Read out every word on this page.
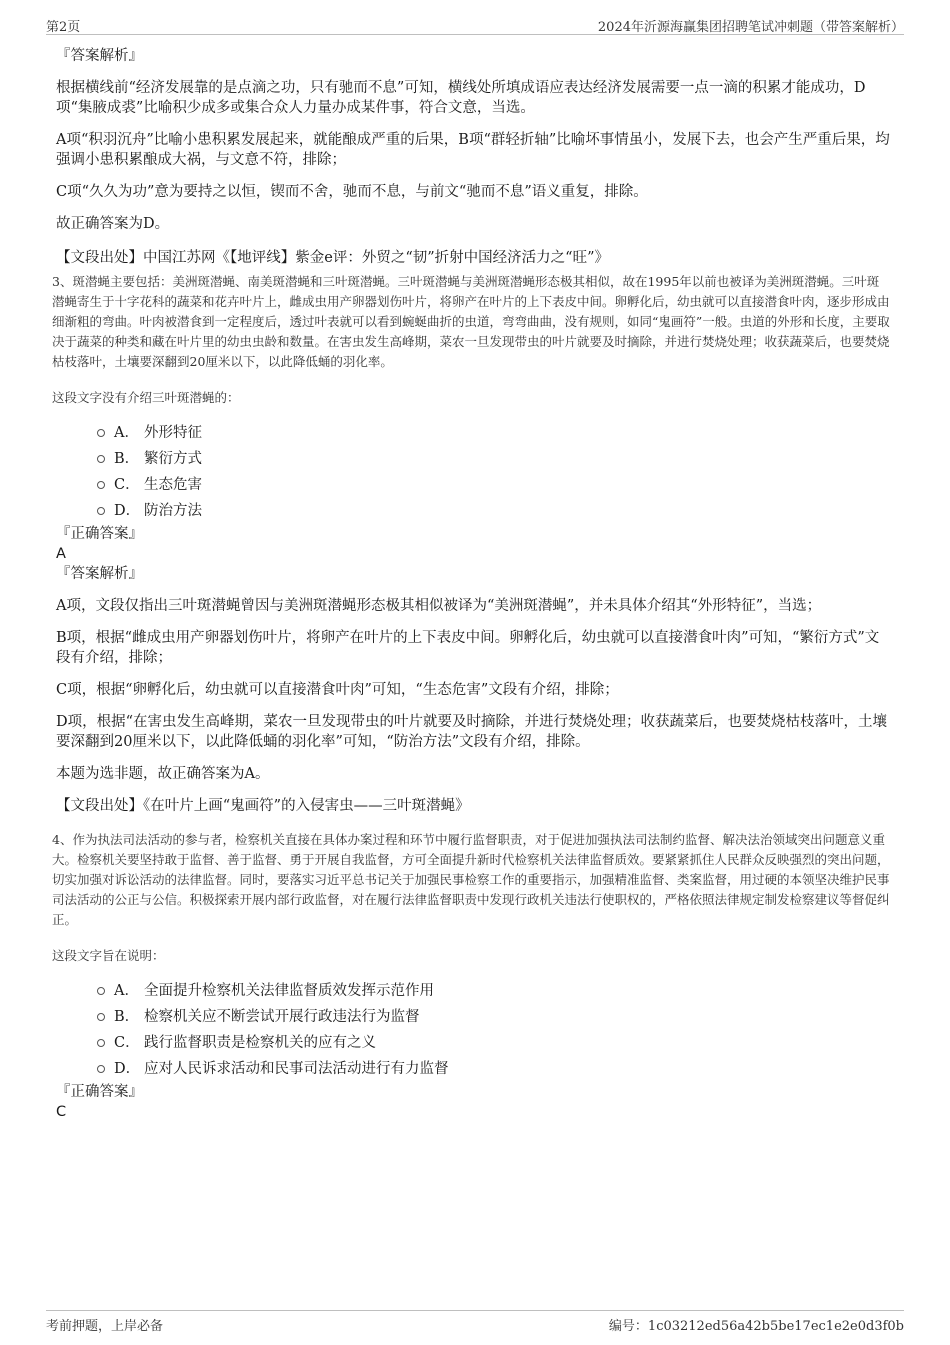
第2页	2024年沂源海赢集团招聘笔试冲刺题（带答案解析）

『答案解析』

根据横线前“经济发展靠的是点滴之功，只有驰而不息”可知，横线处所填成语应表达经济发展需要一点一滴的积累才能成功，D项“集腋成裘”比喻积少成多或集合众人力量办成某件事，符合文意，当选。

A项“积羽沉舟”比喻小患积累发展起来，就能酿成严重的后果，B项“群轻折轴”比喻坏事情虽小，发展下去，也会产生严重后果，均强调小患积累酿成大祸，与文意不符，排除；

C项“久久为功”意为要持之以恒，锲而不舍，驰而不息，与前文“驰而不息”语义重复，排除。

故正确答案为D。

【文段出处】中国江苏网《【地评线】紫金e评：外贸之“韧”折射中国经济活力之“旺”》

3、斑潜蝇主要包括：美洲斑潜蝇、南美斑潜蝇和三叶斑潜蝇。三叶斑潜蝇与美洲斑潜蝇形态极其相似，故在1995年以前也被译为美洲斑潜蝇。三叶斑潜蝇寄生于十字花科的蔬菜和花卉叶片上，雌成虫用产卵器划伤叶片，将卵产在叶片的上下表皮中间。卵孵化后，幼虫就可以直接潜食叶肉，逐步形成由细渐粗的弯曲。叶肉被潜食到一定程度后，透过叶表就可以看到蜿蜒曲折的虫道，弯弯曲曲，没有规则，如同“鬼画符”一般。虫道的外形和长度，主要取决于蔬菜的种类和藏在叶片里的幼虫虫龄和数量。在害虫发生高峰期，菜农一旦发现带虫的叶片就要及时摘除，并进行焚烧处理；收获蔬菜后，也要焚烧枯枝落叶，土壤要深翻到20厘米以下，以此降低蛹的羽化率。

这段文字没有介绍三叶斑潜蝇的：

A． 外形特征
B． 繁衍方式
C． 生态危害
D． 防治方法

『正确答案』

A

『答案解析』

A项，文段仅指出三叶斑潜蝇曾因与美洲斑潜蝇形态极其相似被译为“美洲斑潜蝇”，并未具体介绍其“外形特征”，当选；

B项，根据“雌成虫用产卵器划伤叶片，将卵产在叶片的上下表皮中间。卵孵化后，幼虫就可以直接潜食叶肉”可知，“繁衍方式”文段有介绍，排除；

C项，根据“卵孵化后，幼虫就可以直接潜食叶肉”可知，“生态危害”文段有介绍，排除；

D项，根据“在害虫发生高峰期，菜农一旦发现带虫的叶片就要及时摘除，并进行焚烧处理；收获蔬菜后，也要焚烧枯枝落叶，土壤要深翻到20厘米以下，以此降低蛹的羽化率”可知，“防治方法”文段有介绍，排除。

本题为选非题，故正确答案为A。

【文段出处】《在叶片上画“鬼画符”的入侵害虫——三叶斑潜蝇》

4、作为执法司法活动的参与者，检察机关直接在具体办案过程和环节中履行监督职责，对于促进加强执法司法制约监督、解决法治领域突出问题意义重大。检察机关要坚持敢于监督、善于监督、勇于开展自我监督，方可全面提升新时代检察机关法律监督质效。要紧紧抓住人民群众反映强烈的突出问题，切实加强对诉讼活动的法律监督。同时，要落实习近平总书记关于加强民事检察工作的重要指示，加强精准监督、类案监督，用过硬的本领坚决维护民事司法活动的公正与公信。积极探索开展内部行政监督，对在履行法律监督职责中发现行政机关违法行使职权的，严格依照法律规定制发检察建议等督促纠正。

这段文字旨在说明：

A． 全面提升检察机关法律监督质效发挥示范作用
B． 检察机关应不断尝试开展行政违法行为监督
C． 践行监督职责是检察机关的应有之义
D． 应对人民诉求活动和民事司法活动进行有力监督

『正确答案』

C

考前押题，上岸必备	编号：1c03212ed56a42b5be17ec1e2e0d3f0b
